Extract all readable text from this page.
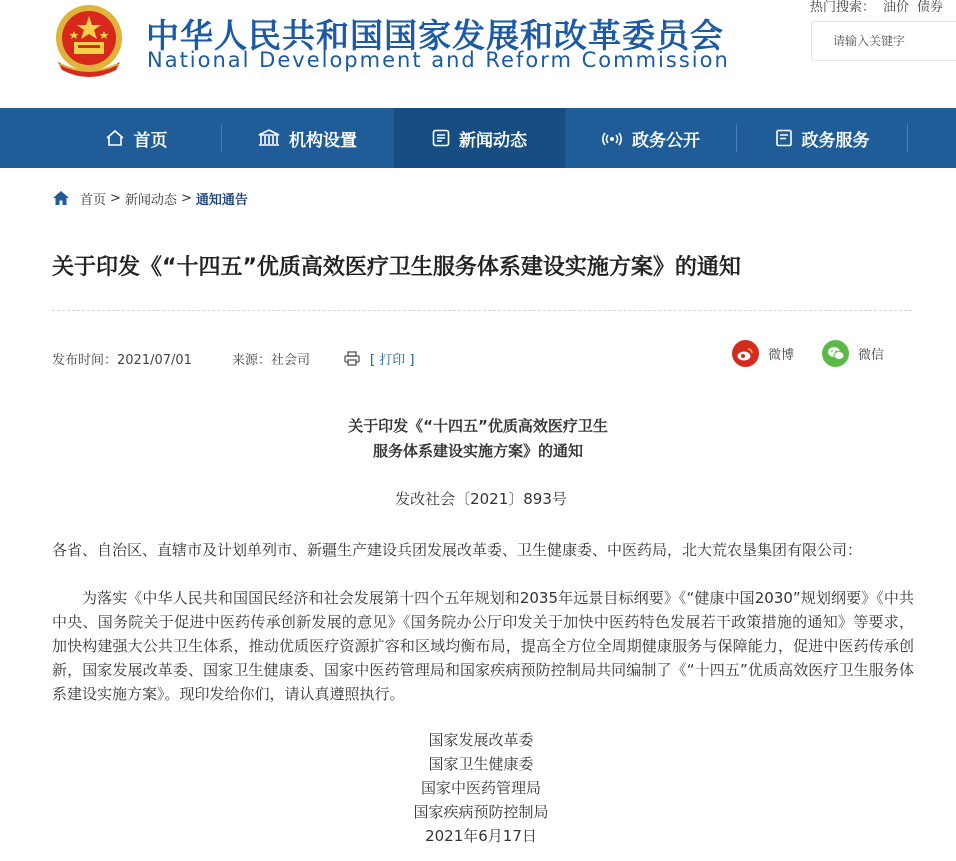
中华人民共和国国家发展和改革委员会
National Development and Reform Commission
热门搜索： 油价 债券
请输入关键字
首页	机构设置	新闻动态	政务公开	政务服务
首页 > 新闻动态 > 通知通告
关于印发《“十四五”优质高效医疗卫生服务体系建设实施方案》的通知
发布时间：2021/07/01	来源：社会司	[ 打印 ]	微博	微信
关于印发《“十四五”优质高效医疗卫生
服务体系建设实施方案》的通知
发改社会〔2021〕893号
各省、自治区、直辖市及计划单列市、新疆生产建设兵团发展改革委、卫生健康委、中医药局，北大荒农垦集团有限公司：
为落实《中华人民共和国国民经济和社会发展第十四个五年规划和2035年远景目标纲要》《“健康中国2030”规划纲要》《中共中央、国务院关于促进中医药传承创新发展的意见》《国务院办公厅印发关于加快中医药特色发展若干政策措施的通知》等要求，加快构建强大公共卫生体系，推动优质医疗资源扩容和区域均衡布局，提高全方位全周期健康服务与保障能力，促进中医药传承创新，国家发展改革委、国家卫生健康委、国家中医药管理局和国家疾病预防控制局共同编制了《“十四五”优质高效医疗卫生服务体系建设实施方案》。现印发给你们，请认真遵照执行。
国家发展改革委
国家卫生健康委
国家中医药管理局
国家疾病预防控制局
2021年6月17日
